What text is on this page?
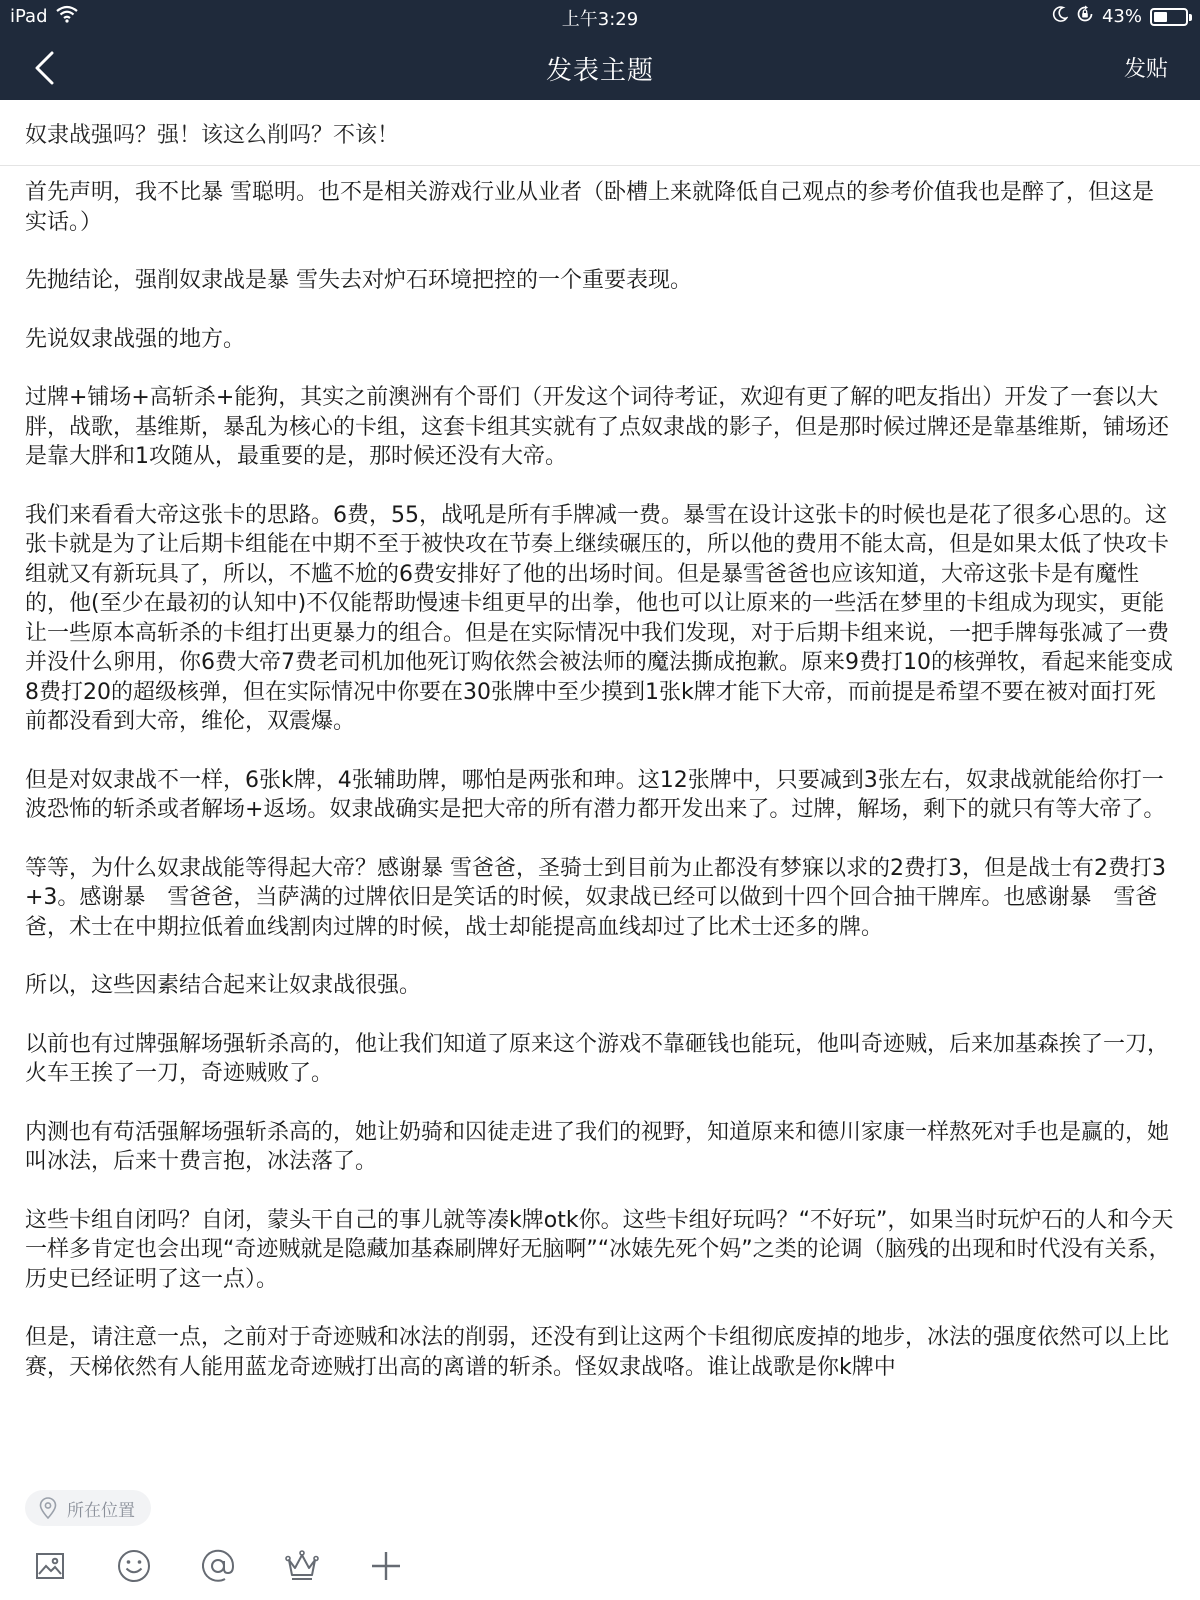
iPad	上午3:29	43%
发表主题	发贴
奴隶战强吗？强！该这么削吗？不该！

首先声明，我不比暴 雪聪明。也不是相关游戏行业从业者（卧槽上来就降低自己观点的参考价值我也是醉了，但这是实话。）

先抛结论，强削奴隶战是暴 雪失去对炉石环境把控的一个重要表现。

先说奴隶战强的地方。

过牌+铺场+高斩杀+能狗，其实之前澳洲有个哥们（开发这个词待考证，欢迎有更了解的吧友指出）开发了一套以大胖，战歌，基维斯，暴乱为核心的卡组，这套卡组其实就有了点奴隶战的影子，但是那时候过牌还是靠基维斯，铺场还是靠大胖和1攻随从，最重要的是，那时候还没有大帝。

我们来看看大帝这张卡的思路。6费，55，战吼是所有手牌减一费。暴雪在设计这张卡的时候也是花了很多心思的。这张卡就是为了让后期卡组能在中期不至于被快攻在节奏上继续碾压的，所以他的费用不能太高，但是如果太低了快攻卡组就又有新玩具了，所以，不尴不尬的6费安排好了他的出场时间。但是暴雪爸爸也应该知道，大帝这张卡是有魔性的，他(至少在最初的认知中)不仅能帮助慢速卡组更早的出拳，他也可以让原来的一些活在梦里的卡组成为现实，更能让一些原本高斩杀的卡组打出更暴力的组合。但是在实际情况中我们发现，对于后期卡组来说，一把手牌每张减了一费并没什么卵用，你6费大帝7费老司机加他死订购依然会被法师的魔法撕成抱歉。原来9费打10的核弹牧，看起来能变成8费打20的超级核弹，但在实际情况中你要在30张牌中至少摸到1张k牌才能下大帝，而前提是希望不要在被对面打死前都没看到大帝，维伦，双震爆。

但是对奴隶战不一样，6张k牌，4张辅助牌，哪怕是两张和珅。这12张牌中，只要减到3张左右，奴隶战就能给你打一波恐怖的斩杀或者解场+返场。奴隶战确实是把大帝的所有潜力都开发出来了。过牌，解场，剩下的就只有等大帝了。

等等，为什么奴隶战能等得起大帝？感谢暴 雪爸爸，圣骑士到目前为止都没有梦寐以求的2费打3，但是战士有2费打3+3。感谢暴　雪爸爸，当萨满的过牌依旧是笑话的时候，奴隶战已经可以做到十四个回合抽干牌库。也感谢暴　雪爸爸，术士在中期拉低着血线割肉过牌的时候，战士却能提高血线却过了比术士还多的牌。

所以，这些因素结合起来让奴隶战很强。

以前也有过牌强解场强斩杀高的，他让我们知道了原来这个游戏不靠砸钱也能玩，他叫奇迹贼，后来加基森挨了一刀，火车王挨了一刀，奇迹贼败了。

内测也有苟活强解场强斩杀高的，她让奶骑和囚徒走进了我们的视野，知道原来和德川家康一样熬死对手也是赢的，她叫冰法，后来十费言抱，冰法落了。

这些卡组自闭吗？自闭，蒙头干自己的事儿就等凑k牌otk你。这些卡组好玩吗？“不好玩”，如果当时玩炉石的人和今天一样多肯定也会出现“奇迹贼就是隐藏加基森刷牌好无脑啊”“冰婊先死个妈”之类的论调（脑残的出现和时代没有关系，历史已经证明了这一点）。

但是，请注意一点，之前对于奇迹贼和冰法的削弱，还没有到让这两个卡组彻底废掉的地步，冰法的强度依然可以上比赛，天梯依然有人能用蓝龙奇迹贼打出高的离谱的斩杀。怪奴隶战咯。谁让战歌是你k牌中

所在位置
